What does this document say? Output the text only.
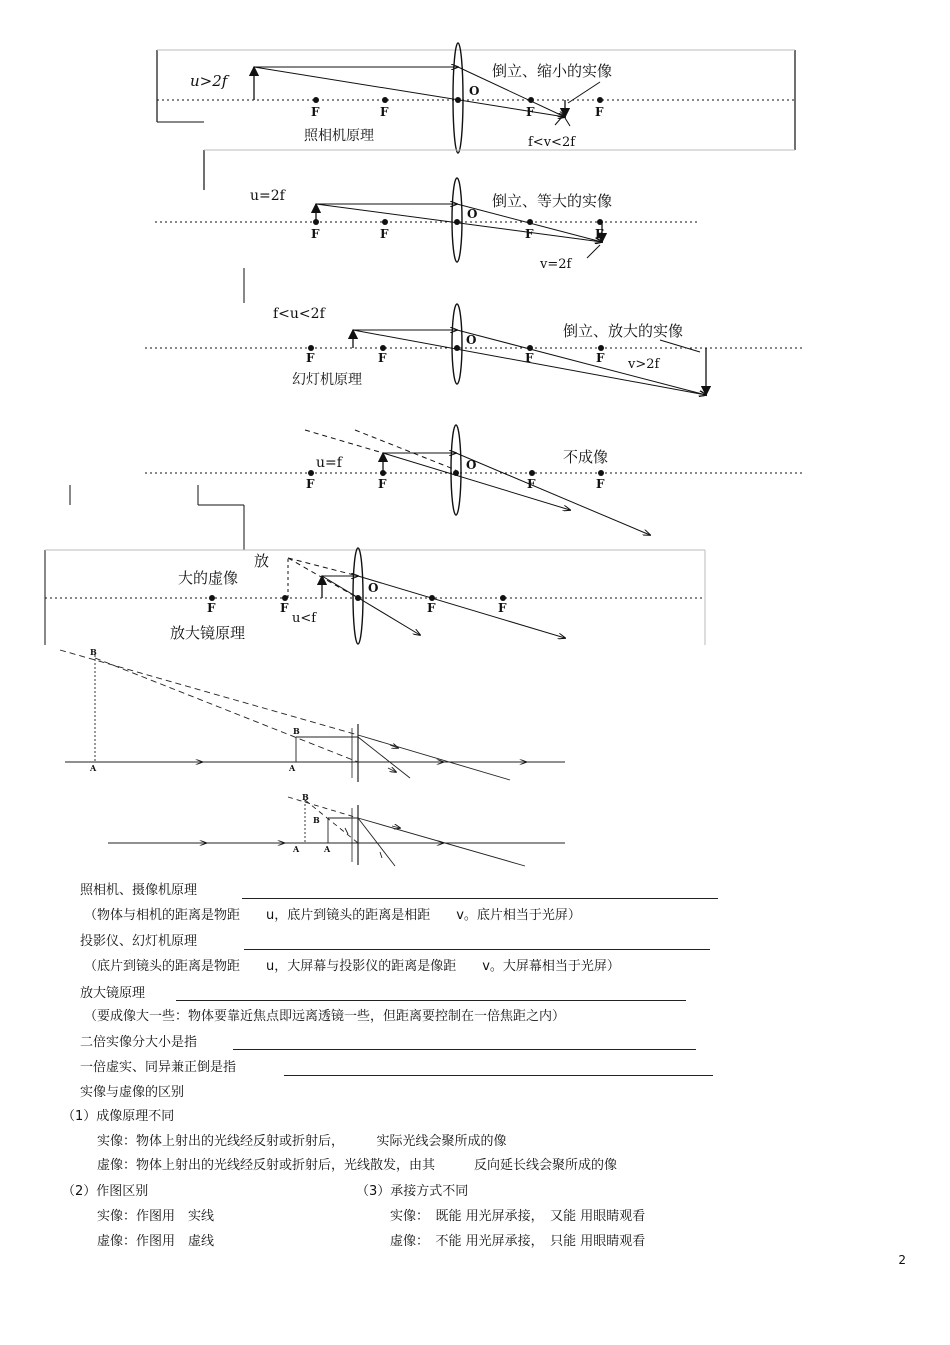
u>2f
倒立、缩小的实像
O
F	F	F	F
照相机原理	f<v<2f
u=2f	倒立、等大的实像
O
F	F	F	F
v=2f
f<u<2f
倒立、放大的实像
O
F	F	F	F v>2f
幻灯机原理
u=f	不成像
O
F	F	F	F
放
大的虚像
O
F	F	F	F
u<f
放大镜原理
B
A
B
A
B
B
A	A
照相机、摄像机原理
（物体与相机的距离是物距　　u，底片到镜头的距离是相距　　v。底片相当于光屏）
投影仪、幻灯机原理
（底片到镜头的距离是物距　　u，大屏幕与投影仪的距离是像距　　v。大屏幕相当于光屏）
放大镜原理
（要成像大一些：物体要靠近焦点即远离透镜一些，但距离要控制在一倍焦距之内）
二倍实像分大小是指
一倍虚实、同异兼正倒是指
实像与虚像的区别
（1）成像原理不同
实像：物体上射出的光线经反射或折射后，　　　实际光线会聚所成的像
虚像：物体上射出的光线经反射或折射后，光线散发，由其　　　反向延长线会聚所成的像
（2）作图区别
实像：作图用　实线
虚像：作图用　虚线
（3）承接方式不同
实像：　既能 用光屏承接，　又能 用眼睛观看
虚像：　不能 用光屏承接，　只能 用眼睛观看
2
